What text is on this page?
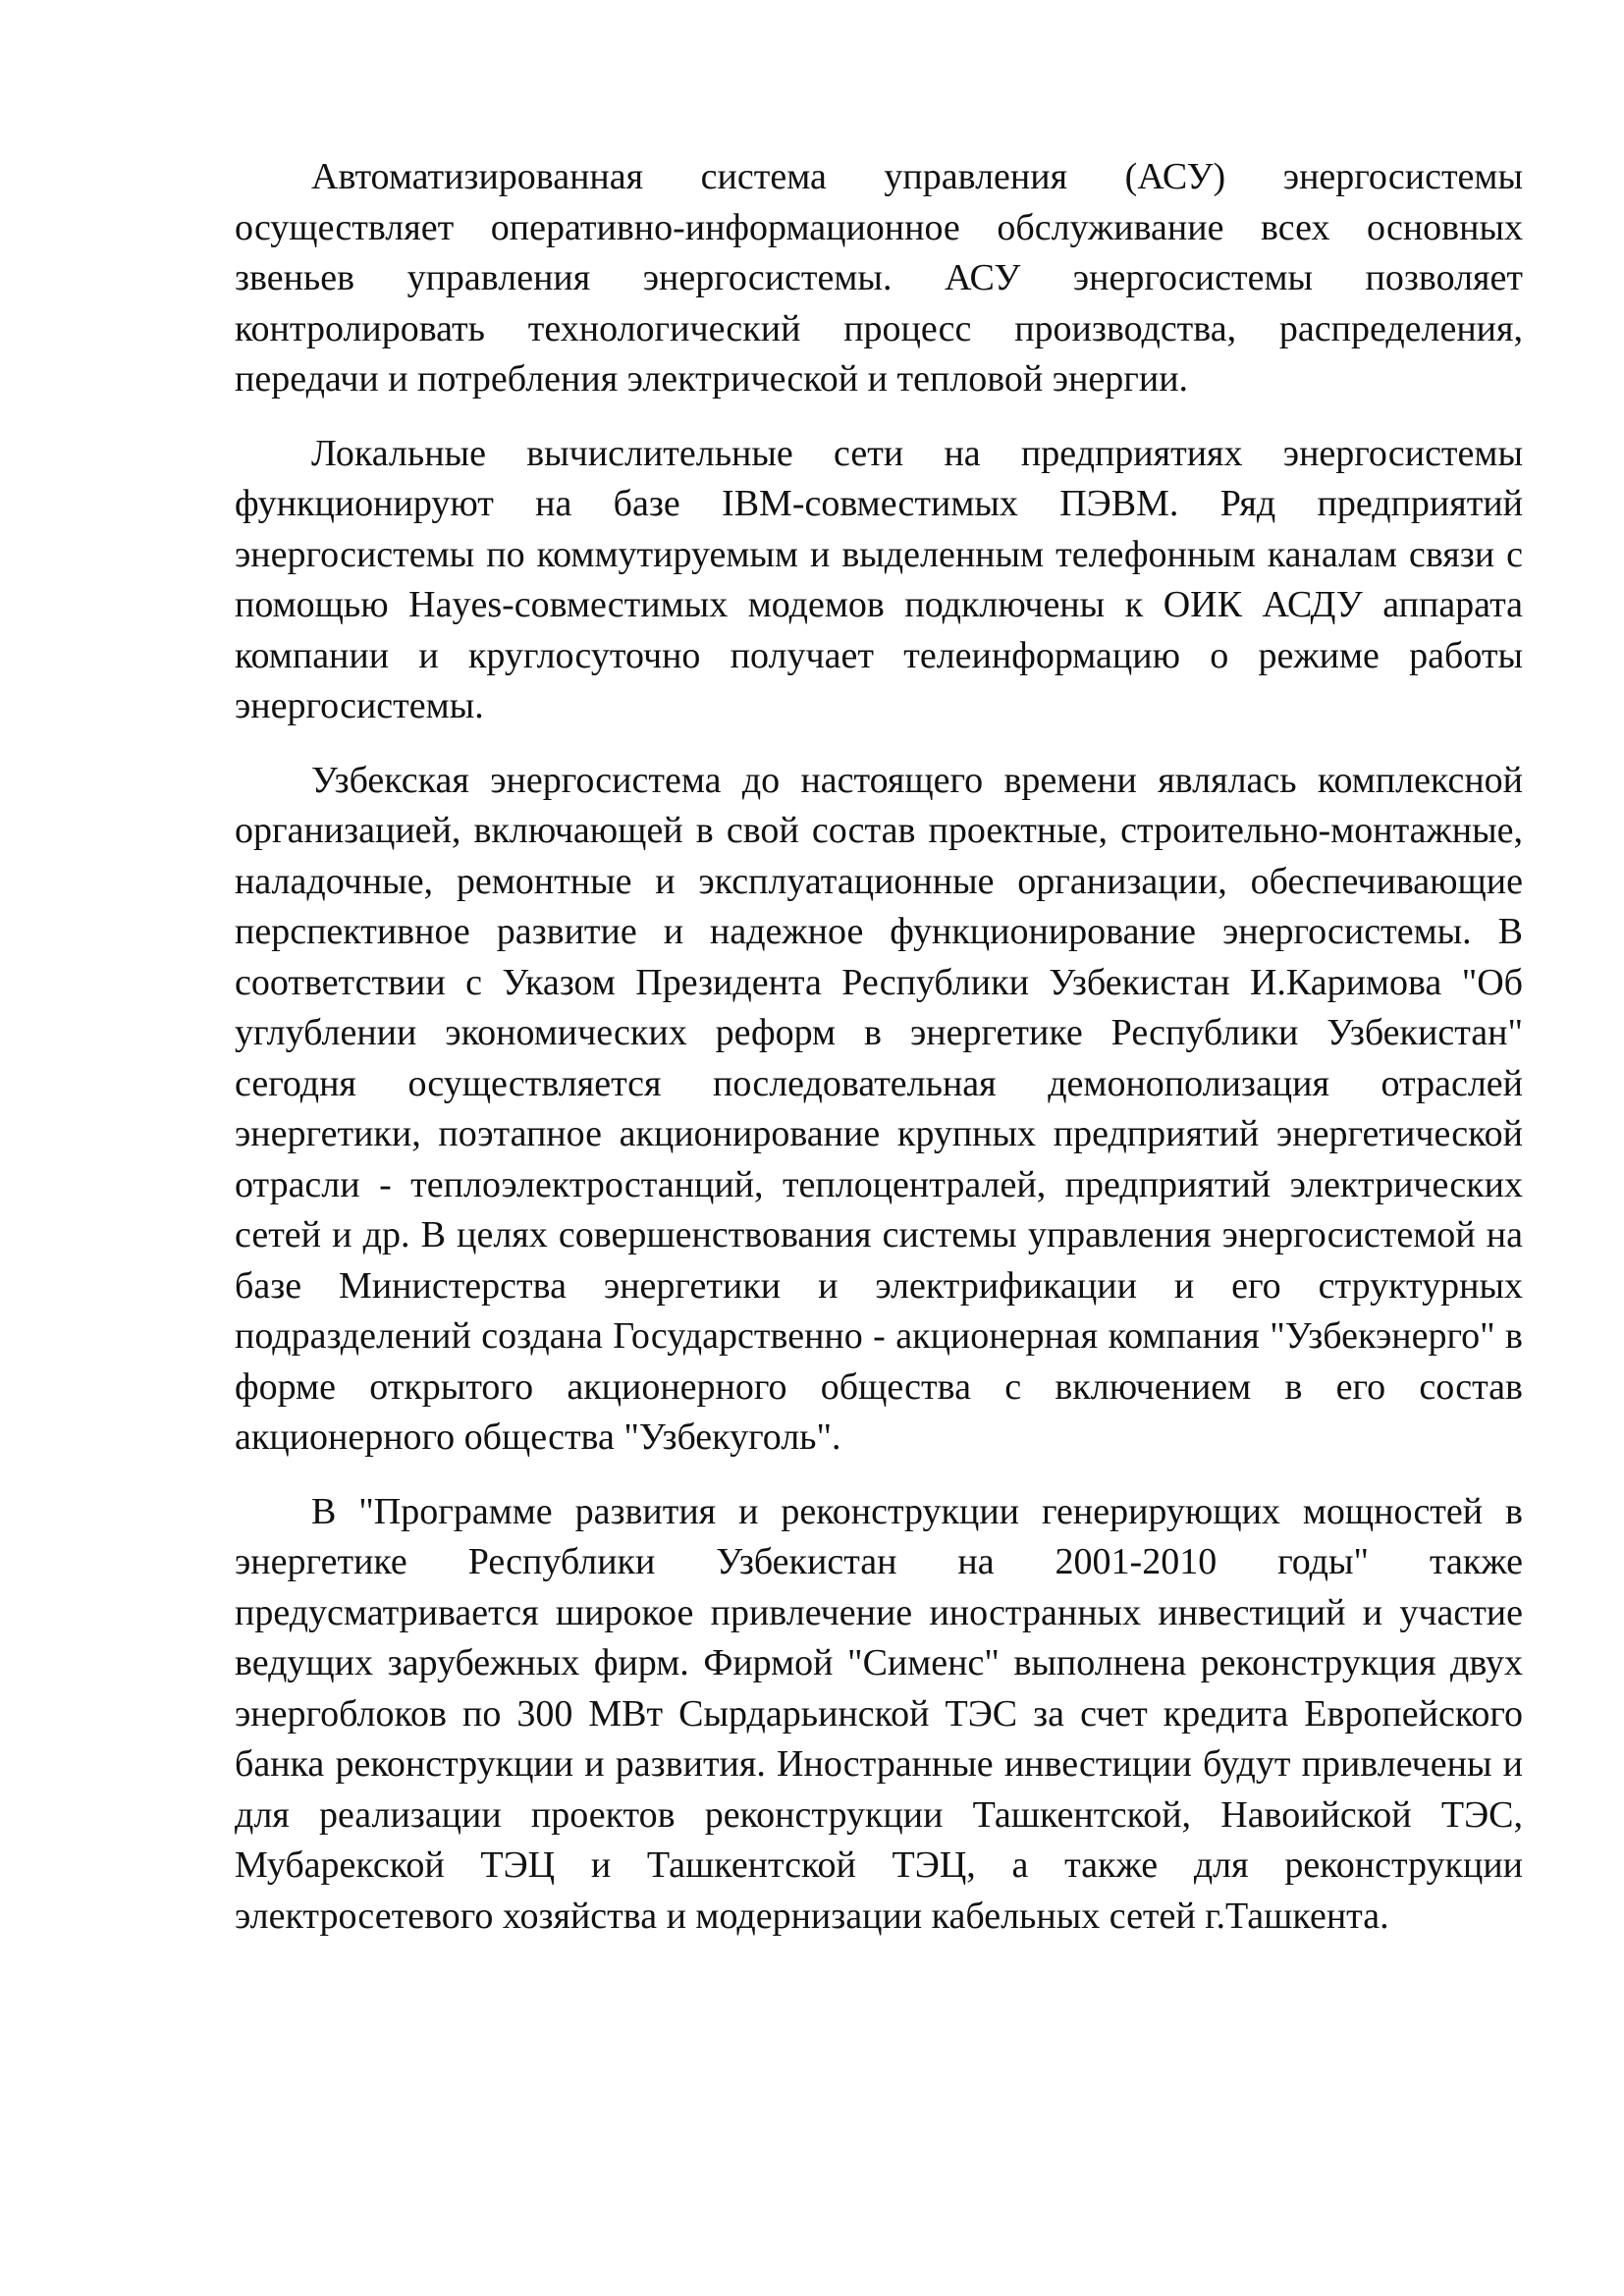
Автоматизированная система управления (АСУ) энергосистемы осуществляет оперативно-информационное обслуживание всех основных звеньев управления энергосистемы. АСУ энергосистемы позволяет контролировать технологический процесс производства, распределения, передачи и потребления электрической и тепловой энергии.

Локальные вычислительные сети на предприятиях энергосистемы функционируют на базе IBM-совместимых ПЭВМ. Ряд предприятий энергосистемы по коммутируемым и выделенным телефонным каналам связи с помощью Hayes-совместимых модемов подключены к ОИК АСДУ аппарата компании и круглосуточно получает телеинформацию о режиме работы энергосистемы.

Узбекская энергосистема до настоящего времени являлась комплексной организацией, включающей в свой состав проектные, строительно-монтажные, наладочные, ремонтные и эксплуатационные организации, обеспечивающие перспективное развитие и надежное функционирование энергосистемы. В соответствии с Указом Президента Республики Узбекистан И.Каримова "Об углублении экономических реформ в энергетике Республики Узбекистан" сегодня осуществляется последовательная демонополизация отраслей энергетики, поэтапное акционирование крупных предприятий энергетической отрасли - теплоэлектростанций, теплоцентралей, предприятий электрических сетей и др. В целях совершенствования системы управления энергосистемой на базе Министерства энергетики и электрификации и его структурных подразделений создана Государственно - акционерная компания "Узбекэнерго" в форме открытого акционерного общества с включением в его состав акционерного общества "Узбекуголь".

В "Программе развития и реконструкции генерирующих мощностей в энергетике Республики Узбекистан на 2001-2010 годы" также предусматривается широкое привлечение иностранных инвестиций и участие ведущих зарубежных фирм. Фирмой "Сименс" выполнена реконструкция двух энергоблоков по 300 МВт Сырдарьинской ТЭС за счет кредита Европейского банка реконструкции и развития. Иностранные инвестиции будут привлечены и для реализации проектов реконструкции Ташкентской, Навоийской ТЭС, Мубарекской ТЭЦ и Ташкентской ТЭЦ, а также для реконструкции электросетевого хозяйства и модернизации кабельных сетей г.Ташкента.
